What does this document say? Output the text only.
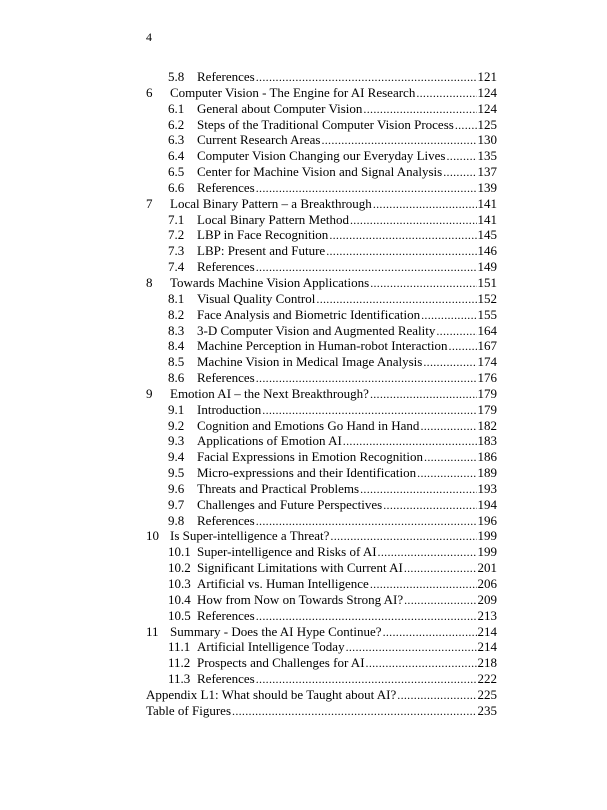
4
5.8 References .....	121
6	Computer Vision - The Engine for AI Research .....	124
6.1 General about Computer Vision .....	124
6.2 Steps of the Traditional Computer Vision Process ..... 125
6.3 Current Research Areas .....	130
6.4 Computer Vision Changing our Everyday Lives ..... 135
6.5 Center for Machine Vision and Signal Analysis .....	137
6.6 References .....	139
7	Local Binary Pattern – a Breakthrough .....	141
7.1 Local Binary Pattern Method .....	141
7.2 LBP in Face Recognition .....	145
7.3 LBP: Present and Future .....	146
7.4 References .....	149
8	Towards Machine Vision Applications .....	151
8.1 Visual Quality Control .....	152
8.2 Face Analysis and Biometric Identification .....	155
8.3 3-D Computer Vision and Augmented Reality .....	164
8.4 Machine Perception in Human-robot Interaction ..... 167
8.5 Machine Vision in Medical Image Analysis .....	174
8.6 References .....	176
9	Emotion AI – the Next Breakthrough? .....	179
9.1 Introduction .....	179
9.2 Cognition and Emotions Go Hand in Hand .....	182
9.3 Applications of Emotion AI .....	183
9.4 Facial Expressions in Emotion Recognition .....	186
9.5 Micro-expressions and their Identification .....	189
9.6 Threats and Practical Problems .....	193
9.7 Challenges and Future Perspectives .....	194
9.8 References .....	196
10 Is Super-intelligence a Threat? .....	199
10.1 Super-intelligence and Risks of AI .....	199
10.2 Significant Limitations with Current AI .....	201
10.3 Artificial vs. Human Intelligence .....	206
10.4 How from Now on Towards Strong AI? .....	209
10.5 References .....	213
11 Summary - Does the AI Hype Continue? .....	214
11.1 Artificial Intelligence Today .....	214
11.2 Prospects and Challenges for AI .....	218
11.3 References .....	222
Appendix L1: What should be Taught about AI? .....	225
Table of Figures .....	235
